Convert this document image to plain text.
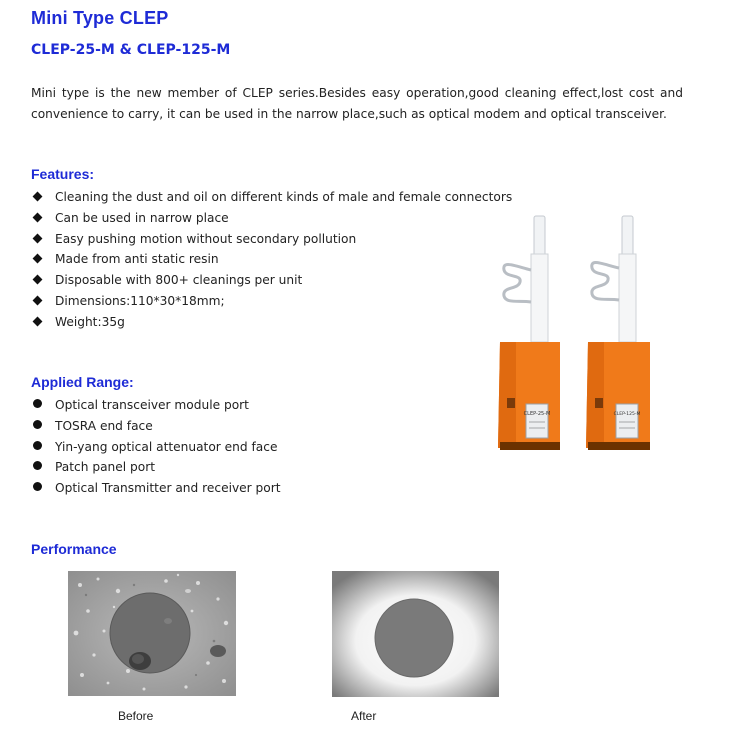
Mini Type CLEP
CLEP-25-M & CLEP-125-M
Mini type is the new member of CLEP series.Besides easy operation,good cleaning effect,lost cost and convenience to carry, it can be used in the narrow place,such as optical modem and optical transceiver.
Features:
Cleaning the dust and oil on different kinds of male and female connectors
Can be used in narrow place
Easy pushing motion without secondary pollution
Made from anti static resin
Disposable with 800+ cleanings per unit
Dimensions:110*30*18mm;
Weight:35g
Applied Range:
Optical transceiver module port
TOSRA end face
Yin-yang optical attenuator end face
Patch panel port
Optical Transmitter and receiver port
CLEP-25-M	CLEP-125-M
Performance
Before	After
